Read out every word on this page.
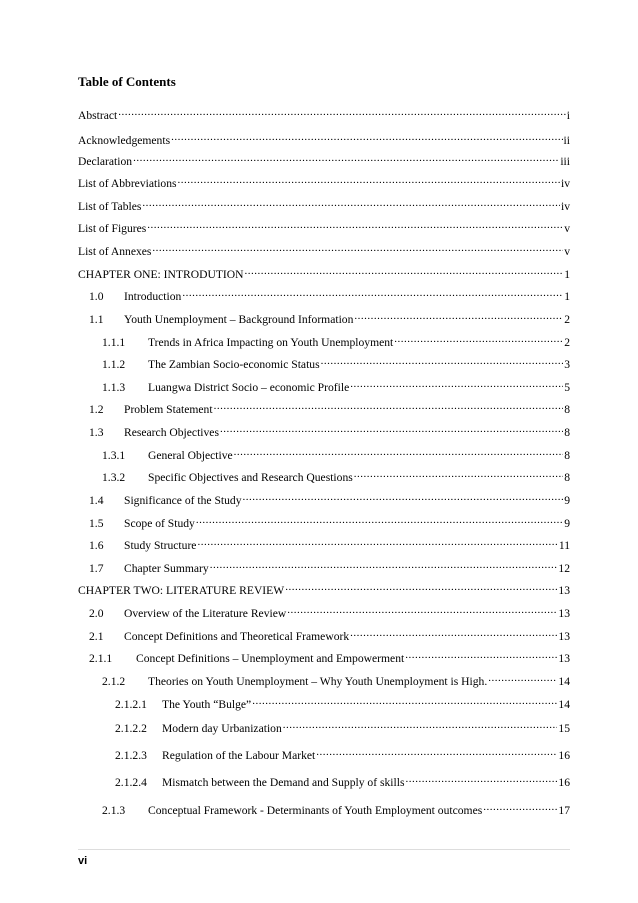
Table of Contents
Abstract .....	i
Acknowledgements .....	ii
Declaration .....	iii
List of Abbreviations .....	iv
List of Tables .....	iv
List of Figures .....	v
List of Annexes .....	v
CHAPTER ONE: INTRODUTION .....	1
1.0	Introduction .....	1
1.1	Youth Unemployment – Background Information .....	2
1.1.1	Trends in Africa Impacting on Youth Unemployment .....	2
1.1.2	The Zambian Socio-economic Status .....	3
1.1.3	Luangwa District Socio – economic Profile .....	5
1.2	Problem Statement .....	8
1.3	Research Objectives .....	8
1.3.1	General Objective .....	8
1.3.2	Specific Objectives and Research Questions .....	8
1.4	Significance of the Study .....	9
1.5	Scope of Study .....	9
1.6	Study Structure .....	11
1.7	Chapter Summary .....	12
CHAPTER TWO: LITERATURE REVIEW .....	13
2.0	Overview of the Literature Review .....	13
2.1	Concept Definitions and Theoretical Framework .....	13
2.1.1	Concept Definitions – Unemployment and Empowerment .....	13
2.1.2	Theories on Youth Unemployment – Why Youth Unemployment is High. .....	14
2.1.2.1	The Youth “Bulge” .....	14
2.1.2.2	Modern day Urbanization .....	15
2.1.2.3	Regulation of the Labour Market .....	16
2.1.2.4	Mismatch between the Demand and Supply of skills .....	16
2.1.3	Conceptual Framework - Determinants of Youth Employment outcomes .....	17
vi
